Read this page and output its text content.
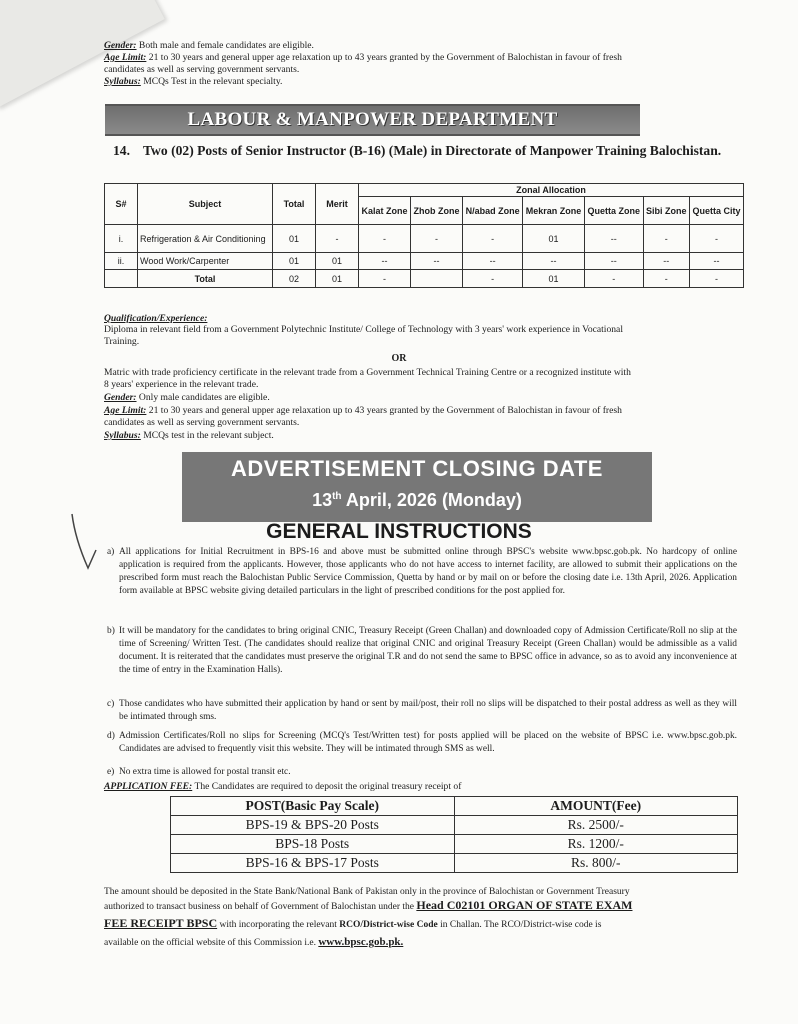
Gender: Both male and female candidates are eligible.
Age Limit: 21 to 30 years and general upper age relaxation up to 43 years granted by the Government of Balochistan in favour of fresh
candidates as well as serving government servants.
Syllabus: MCQs Test in the relevant specialty.
LABOUR & MANPOWER DEPARTMENT
14. Two (02) Posts of Senior Instructor (B-16) (Male) in Directorate of Manpower Training Balochistan.
S#	Subject	Total	Merit	Zonal Allocation						
				Kalat Zone	Zhob Zone	N/abad Zone	Mekran Zone	Quetta Zone	Sibi Zone	Quetta City
i.	Refrigeration & Air Conditioning	01	-	-	-	-	01	--	-	-
ii.	Wood Work/Carpenter	01	01	--	--	--	--	--	--	--
	Total	02	01	-		-	01	-	-	-
Qualification/Experience:
Diploma in relevant field from a Government Polytechnic Institute/ College of Technology with 3 years' work experience in Vocational
Training.
OR
Matric with trade proficiency certificate in the relevant trade from a Government Technical Training Centre or a recognized institute with
8 years' experience in the relevant trade.
Gender: Only male candidates are eligible.
Age Limit: 21 to 30 years and general upper age relaxation up to 43 years granted by the Government of Balochistan in favour of fresh
candidates as well as serving government servants.
Syllabus: MCQs test in the relevant subject.
ADVERTISEMENT CLOSING DATE
13th April, 2026 (Monday)
GENERAL INSTRUCTIONS
a) All applications for Initial Recruitment in BPS-16 and above must be submitted online through BPSC's website www.bpsc.gob.pk. No hardcopy of online application is required from the applicants. However, those applicants who do not have access to internet facility, are allowed to submit their applications on the prescribed form must reach the Balochistan Public Service Commission, Quetta by hand or by mail on or before the closing date i.e. 13th April, 2026. Application form available at BPSC website giving detailed particulars in the light of prescribed conditions for the post applied for.
b) It will be mandatory for the candidates to bring original CNIC, Treasury Receipt (Green Challan) and downloaded copy of Admission Certificate/Roll no slip at the time of Screening/ Written Test. (The candidates should realize that original CNIC and original Treasury Receipt (Green Challan) would be admissible as a valid document. It is reiterated that the candidates must preserve the original T.R and do not send the same to BPSC office in advance, so as to avoid any inconvenience at the time of entry in the Examination Halls).
c) Those candidates who have submitted their application by hand or sent by mail/post, their roll no slips will be dispatched to their postal address as well as they will be intimated through sms.
d) Admission Certificates/Roll no slips for Screening (MCQ's Test/Written test) for posts applied will be placed on the website of BPSC i.e. www.bpsc.gob.pk. Candidates are advised to frequently visit this website. They will be intimated through SMS as well.
e) No extra time is allowed for postal transit etc.
APPLICATION FEE: The Candidates are required to deposit the original treasury receipt of
POST(Basic Pay Scale)	AMOUNT(Fee)
BPS-19 & BPS-20 Posts	Rs. 2500/-
BPS-18 Posts	Rs. 1200/-
BPS-16 & BPS-17 Posts	Rs. 800/-
The amount should be deposited in the State Bank/National Bank of Pakistan only in the province of Balochistan or Government Treasury
authorized to transact business on behalf of Government of Balochistan under the Head C02101 ORGAN OF STATE EXAM
FEE RECEIPT BPSC with incorporating the relevant RCO/District-wise Code in Challan. The RCO/District-wise code is
available on the official website of this Commission i.e. www.bpsc.gob.pk.
